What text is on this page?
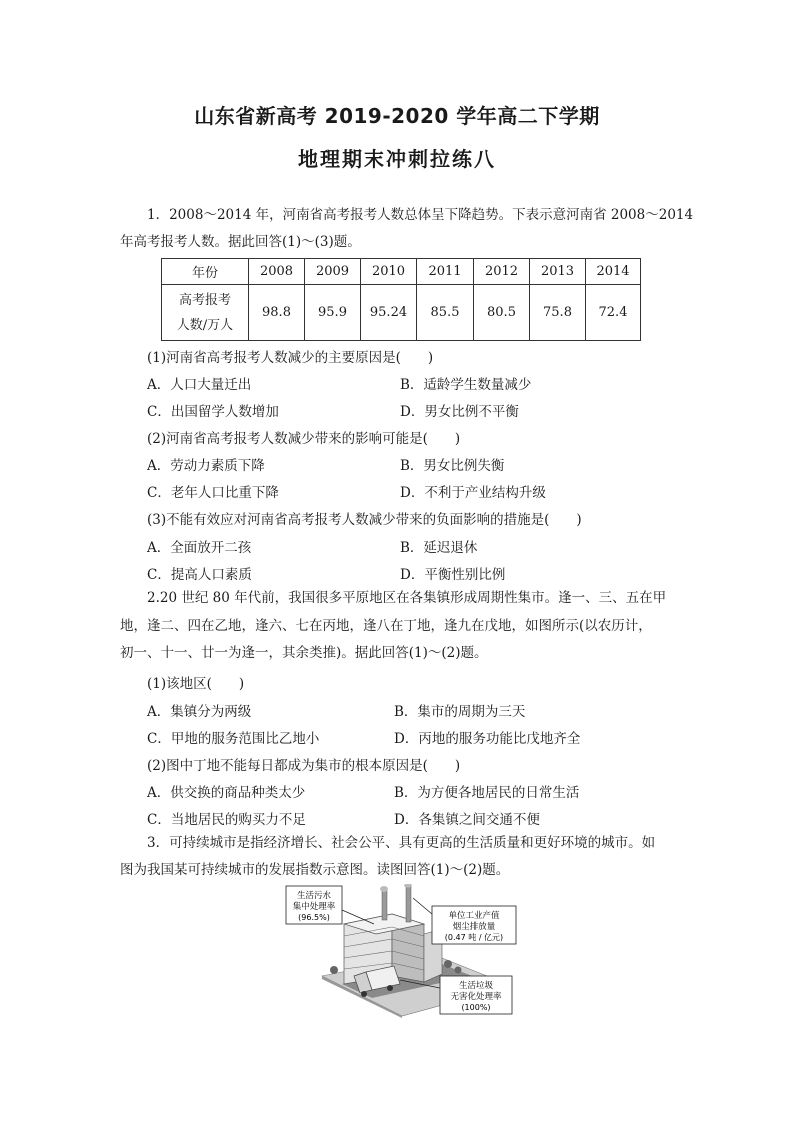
山东省新高考 2019-2020 学年高二下学期
地理期末冲刺拉练八
1．2008～2014 年，河南省高考报考人数总体呈下降趋势。下表示意河南省 2008～2014
年高考报考人数。据此回答(1)～(3)题。
年份	2008	2009	2010	2011	2012	2013	2014

高考报考
人数/万人	98.8	95.9	95.24	85.5	80.5	75.8	72.4
(1)河南省高考报考人数减少的主要原因是(　　)
A．人口大量迁出	B．适龄学生数量减少
C．出国留学人数增加	D．男女比例不平衡
(2)河南省高考报考人数减少带来的影响可能是(　　)
A．劳动力素质下降	B．男女比例失衡
C．老年人口比重下降	D．不利于产业结构升级
(3)不能有效应对河南省高考报考人数减少带来的负面影响的措施是(　　)
A．全面放开二孩	B．延迟退休
C．提高人口素质	D．平衡性别比例
2.20 世纪 80 年代前，我国很多平原地区在各集镇形成周期性集市。逢一、三、五在甲
地，逢二、四在乙地，逢六、七在丙地，逢八在丁地，逢九在戊地，如图所示(以农历计，
初一、十一、廿一为逢一，其余类推)。据此回答(1)～(2)题。
(1)该地区(　　)
A．集镇分为两级	B．集市的周期为三天
C．甲地的服务范围比乙地小	D．丙地的服务功能比戊地齐全
(2)图中丁地不能每日都成为集市的根本原因是(　　)
A．供交换的商品种类太少	B．为方便各地居民的日常生活
C．当地居民的购买力不足	D．各集镇之间交通不便
3．可持续城市是指经济增长、社会公平、具有更高的生活质量和更好环境的城市。如
图为我国某可持续城市的发展指数示意图。读图回答(1)～(2)题。
生活污水
集中处理率
(96.5%)	单位工业产值
烟尘排放量
(0.47 吨 / 亿元)
生活垃圾
无害化处理率
(100%)
